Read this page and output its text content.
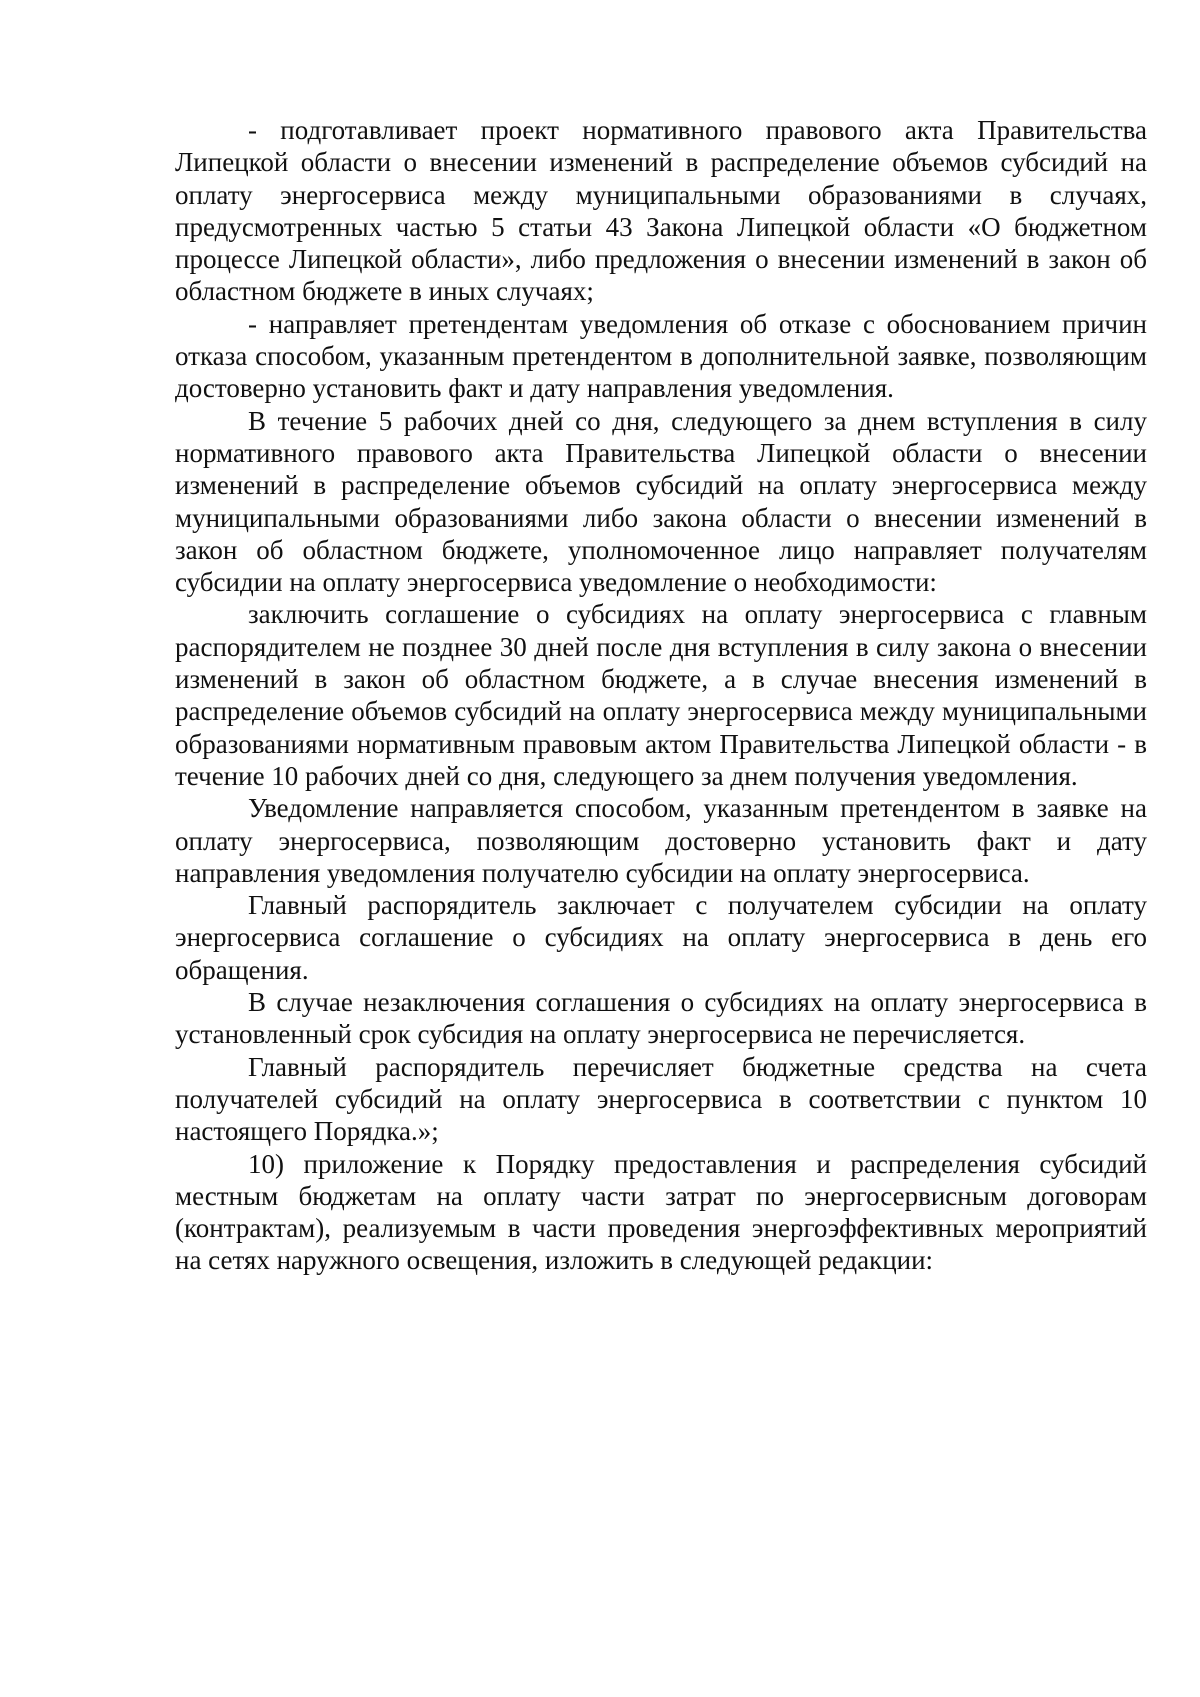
- подготавливает проект нормативного правового акта Правительства Липецкой области о внесении изменений в распределение объемов субсидий на оплату энергосервиса между муниципальными образованиями в случаях, предусмотренных частью 5 статьи 43 Закона Липецкой области «О бюджетном процессе Липецкой области», либо предложения о внесении изменений в закон об областном бюджете в иных случаях;

- направляет претендентам уведомления об отказе с обоснованием причин отказа способом, указанным претендентом в дополнительной заявке, позволяющим достоверно установить факт и дату направления уведомления.

В течение 5 рабочих дней со дня, следующего за днем вступления в силу нормативного правового акта Правительства Липецкой области о внесении изменений в распределение объемов субсидий на оплату энергосервиса между муниципальными образованиями либо закона области о внесении изменений в закон об областном бюджете, уполномоченное лицо направляет получателям субсидии на оплату энергосервиса уведомление о необходимости:

заключить соглашение о субсидиях на оплату энергосервиса с главным распорядителем не позднее 30 дней после дня вступления в силу закона о внесении изменений в закон об областном бюджете, а в случае внесения изменений в распределение объемов субсидий на оплату энергосервиса между муниципальными образованиями нормативным правовым актом Правительства Липецкой области - в течение 10 рабочих дней со дня, следующего за днем получения уведомления.

Уведомление направляется способом, указанным претендентом в заявке на оплату энергосервиса, позволяющим достоверно установить факт и дату направления уведомления получателю субсидии на оплату энергосервиса.

Главный распорядитель заключает с получателем субсидии на оплату энергосервиса соглашение о субсидиях на оплату энергосервиса в день его обращения.

В случае незаключения соглашения о субсидиях на оплату энергосервиса в установленный срок субсидия на оплату энергосервиса не перечисляется.

Главный распорядитель перечисляет бюджетные средства на счета получателей субсидий на оплату энергосервиса в соответствии с пунктом 10 настоящего Порядка.»;

10) приложение к Порядку предоставления и распределения субсидий местным бюджетам на оплату части затрат по энергосервисным договорам (контрактам), реализуемым в части проведения энергоэффективных мероприятий на сетях наружного освещения, изложить в следующей редакции:
